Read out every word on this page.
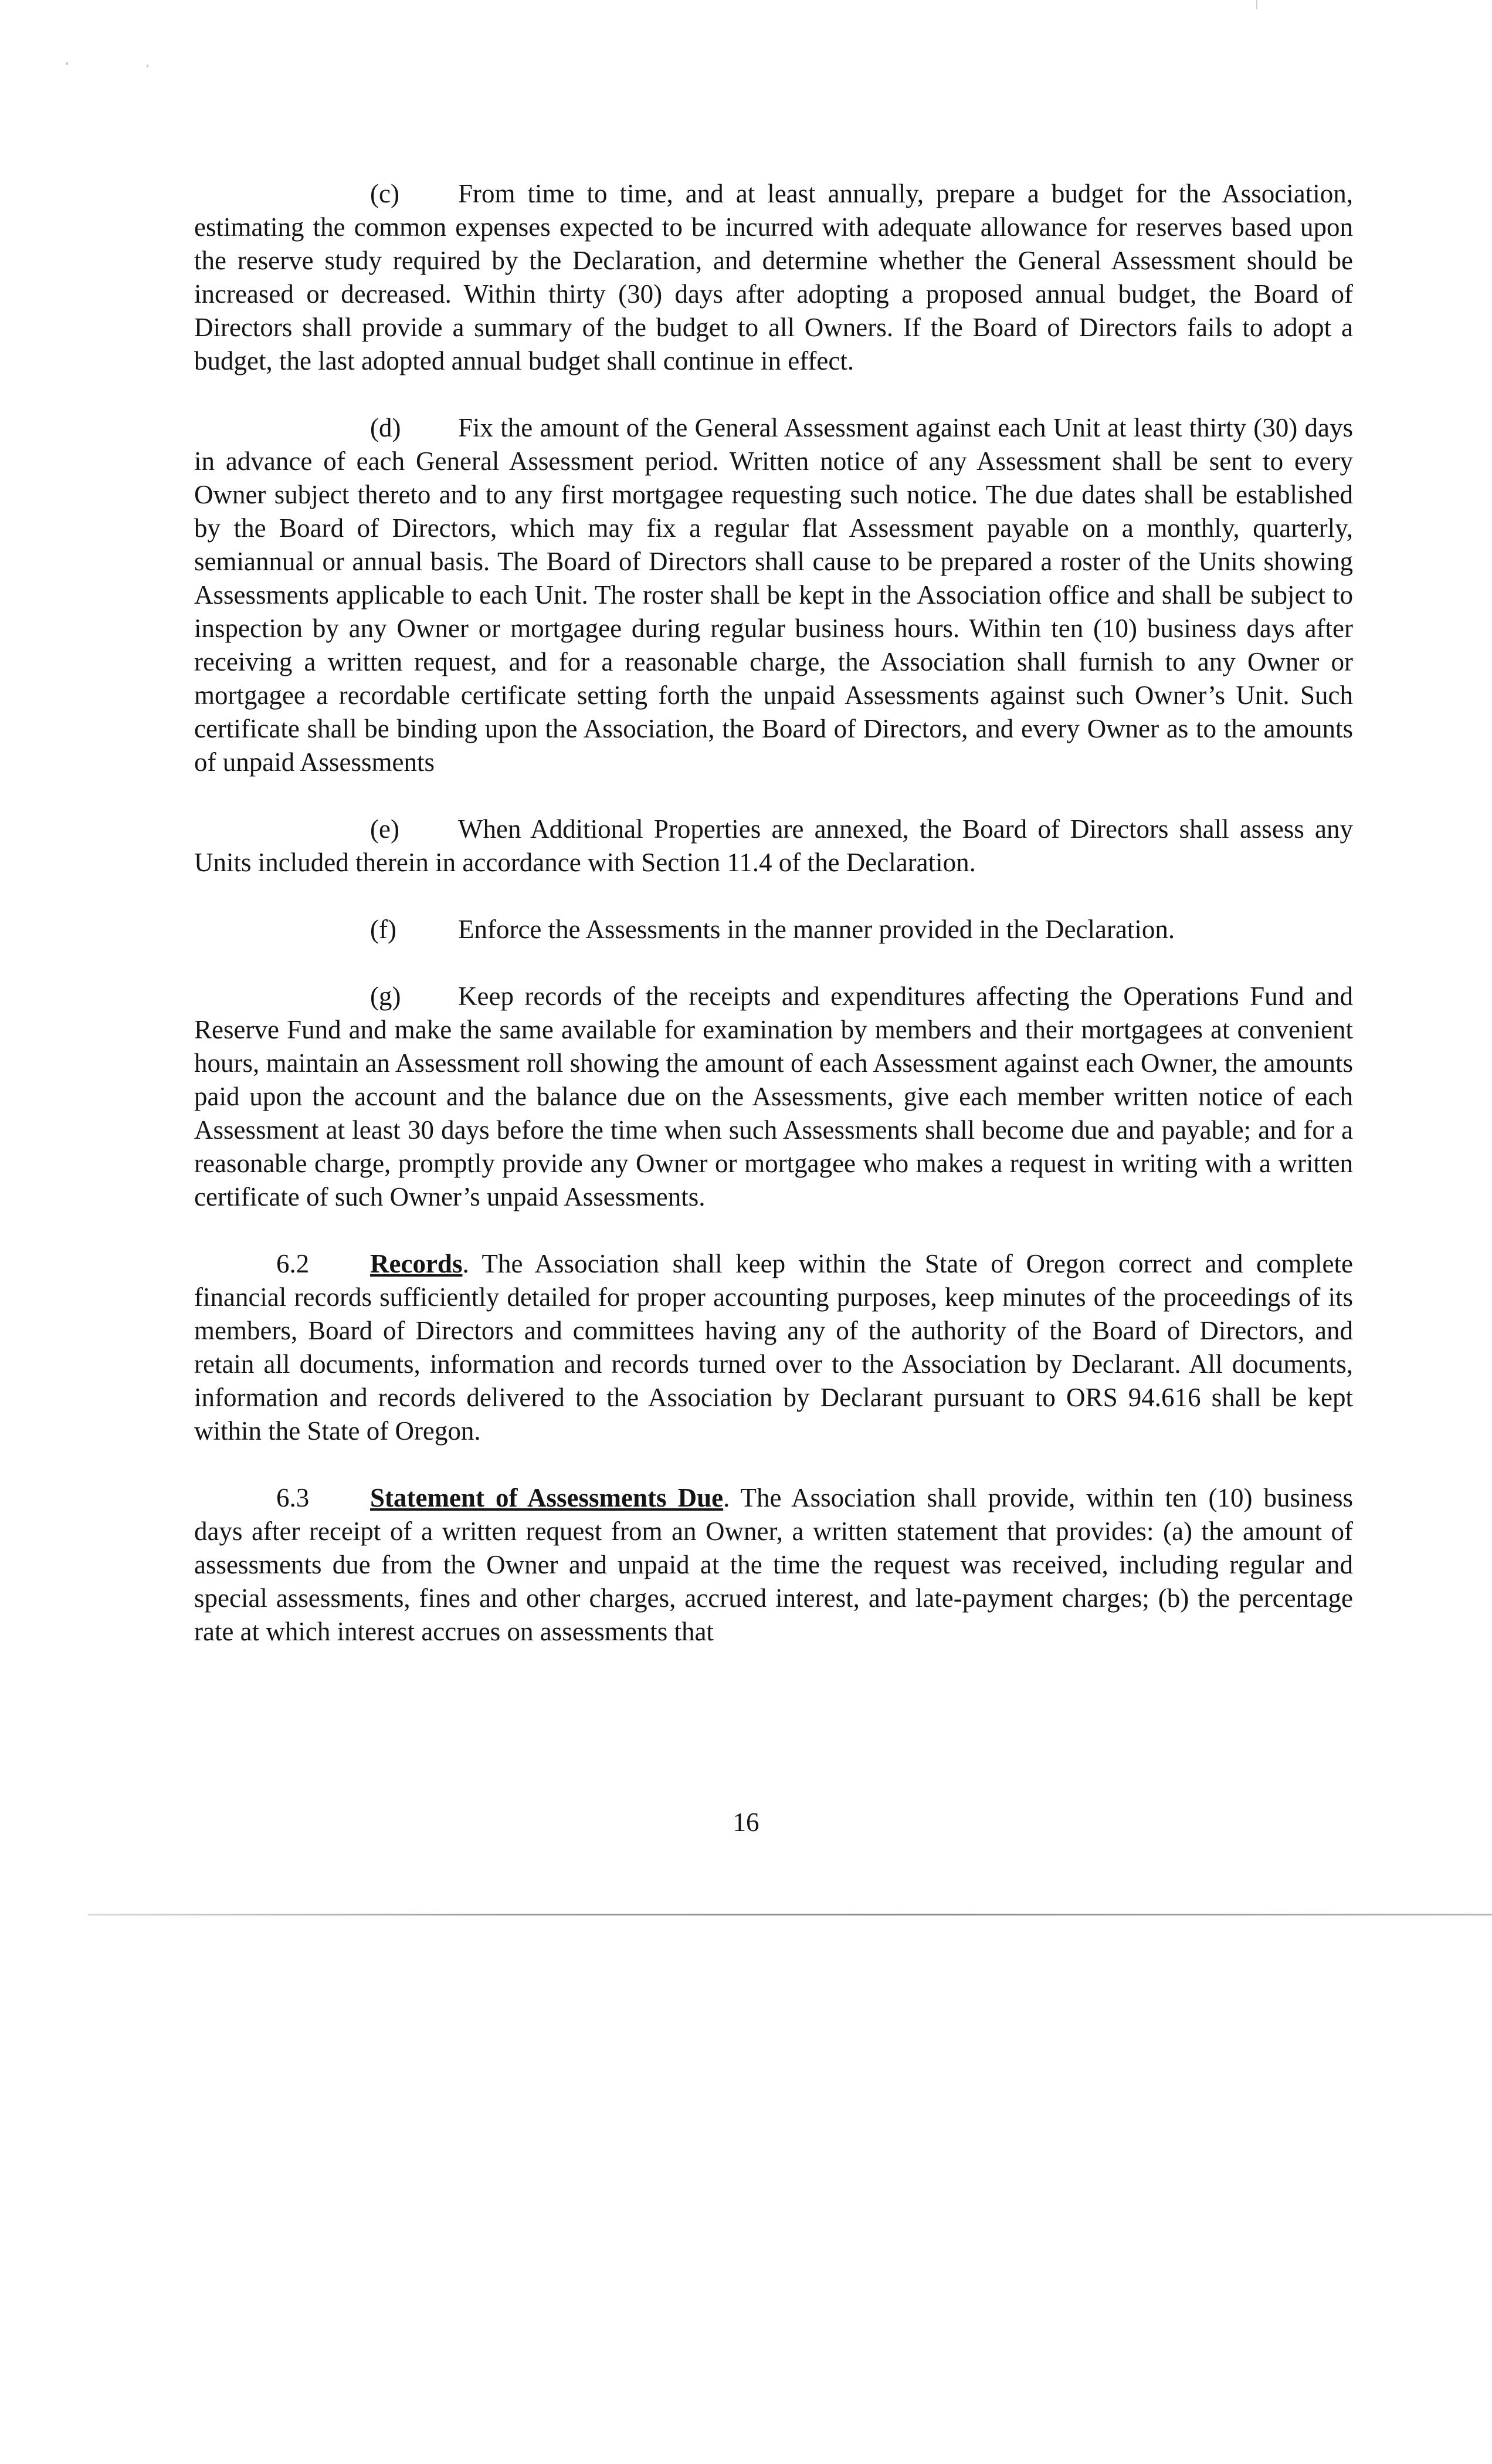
(c) From time to time, and at least annually, prepare a budget for the Association, estimating the common expenses expected to be incurred with adequate allowance for reserves based upon the reserve study required by the Declaration, and determine whether the General Assessment should be increased or decreased. Within thirty (30) days after adopting a proposed annual budget, the Board of Directors shall provide a summary of the budget to all Owners. If the Board of Directors fails to adopt a budget, the last adopted annual budget shall continue in effect.

(d) Fix the amount of the General Assessment against each Unit at least thirty (30) days in advance of each General Assessment period. Written notice of any Assessment shall be sent to every Owner subject thereto and to any first mortgagee requesting such notice. The due dates shall be established by the Board of Directors, which may fix a regular flat Assessment payable on a monthly, quarterly, semiannual or annual basis. The Board of Directors shall cause to be prepared a roster of the Units showing Assessments applicable to each Unit. The roster shall be kept in the Association office and shall be subject to inspection by any Owner or mortgagee during regular business hours. Within ten (10) business days after receiving a written request, and for a reasonable charge, the Association shall furnish to any Owner or mortgagee a recordable certificate setting forth the unpaid Assessments against such Owner’s Unit. Such certificate shall be binding upon the Association, the Board of Directors, and every Owner as to the amounts of unpaid Assessments

(e) When Additional Properties are annexed, the Board of Directors shall assess any Units included therein in accordance with Section 11.4 of the Declaration.

(f) Enforce the Assessments in the manner provided in the Declaration.

(g) Keep records of the receipts and expenditures affecting the Operations Fund and Reserve Fund and make the same available for examination by members and their mortgagees at convenient hours, maintain an Assessment roll showing the amount of each Assessment against each Owner, the amounts paid upon the account and the balance due on the Assessments, give each member written notice of each Assessment at least 30 days before the time when such Assessments shall become due and payable; and for a reasonable charge, promptly provide any Owner or mortgagee who makes a request in writing with a written certificate of such Owner’s unpaid Assessments.

6.2 Records. The Association shall keep within the State of Oregon correct and complete financial records sufficiently detailed for proper accounting purposes, keep minutes of the proceedings of its members, Board of Directors and committees having any of the authority of the Board of Directors, and retain all documents, information and records turned over to the Association by Declarant. All documents, information and records delivered to the Association by Declarant pursuant to ORS 94.616 shall be kept within the State of Oregon.

6.3 Statement of Assessments Due. The Association shall provide, within ten (10) business days after receipt of a written request from an Owner, a written statement that provides: (a) the amount of assessments due from the Owner and unpaid at the time the request was received, including regular and special assessments, fines and other charges, accrued interest, and late-payment charges; (b) the percentage rate at which interest accrues on assessments that

16
